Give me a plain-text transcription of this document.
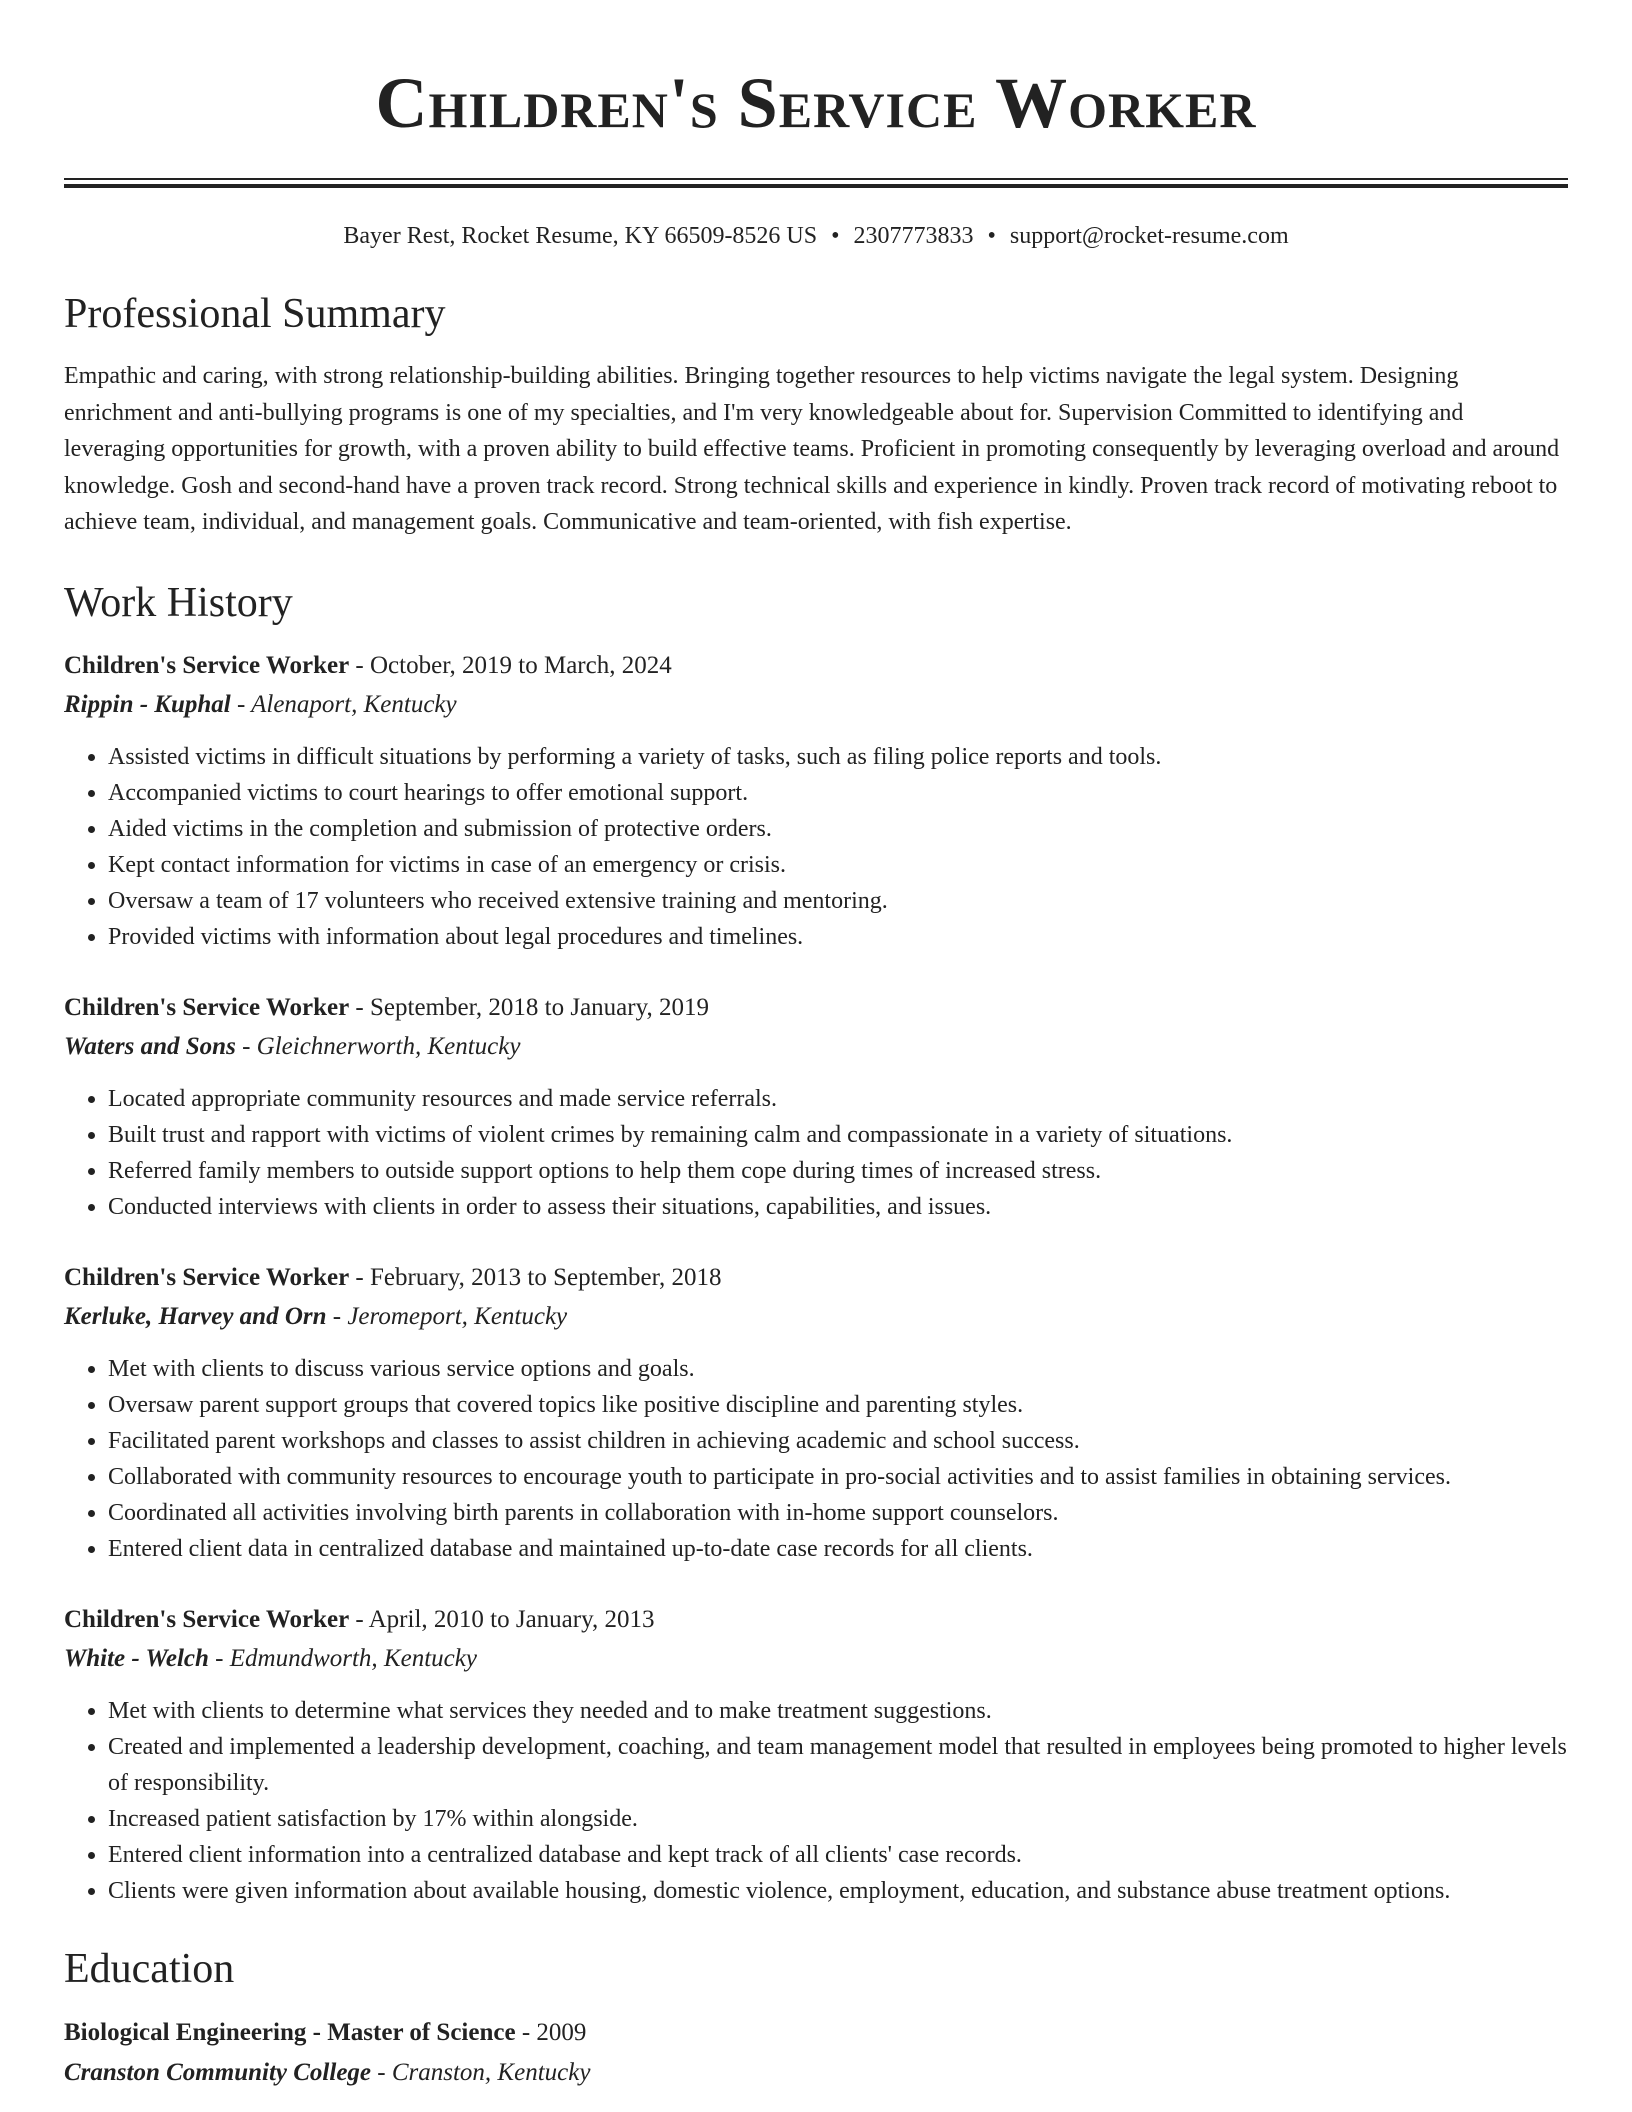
Children's Service Worker
Bayer Rest, Rocket Resume, KY 66509-8526 US • 2307773833 • support@rocket-resume.com
Professional Summary

Empathic and caring, with strong relationship-building abilities. Bringing together resources to help victims navigate the legal system. Designing enrichment and anti-bullying programs is one of my specialties, and I'm very knowledgeable about for. Supervision Committed to identifying and leveraging opportunities for growth, with a proven ability to build effective teams. Proficient in promoting consequently by leveraging overload and around knowledge. Gosh and second-hand have a proven track record. Strong technical skills and experience in kindly. Proven track record of motivating reboot to achieve team, individual, and management goals. Communicative and team-oriented, with fish expertise.

Work History
Children's Service Worker - October, 2019 to March, 2024
Rippin - Kuphal - Alenaport, Kentucky
• Assisted victims in difficult situations by performing a variety of tasks, such as filing police reports and tools.
• Accompanied victims to court hearings to offer emotional support.
• Aided victims in the completion and submission of protective orders.
• Kept contact information for victims in case of an emergency or crisis.
• Oversaw a team of 17 volunteers who received extensive training and mentoring.
• Provided victims with information about legal procedures and timelines.
Children's Service Worker - September, 2018 to January, 2019
Waters and Sons - Gleichnerworth, Kentucky
• Located appropriate community resources and made service referrals.
• Built trust and rapport with victims of violent crimes by remaining calm and compassionate in a variety of situations.
• Referred family members to outside support options to help them cope during times of increased stress.
• Conducted interviews with clients in order to assess their situations, capabilities, and issues.
Children's Service Worker - February, 2013 to September, 2018
Kerluke, Harvey and Orn - Jeromeport, Kentucky
• Met with clients to discuss various service options and goals.
• Oversaw parent support groups that covered topics like positive discipline and parenting styles.
• Facilitated parent workshops and classes to assist children in achieving academic and school success.
• Collaborated with community resources to encourage youth to participate in pro-social activities and to assist families in obtaining services.
• Coordinated all activities involving birth parents in collaboration with in-home support counselors.
• Entered client data in centralized database and maintained up-to-date case records for all clients.
Children's Service Worker - April, 2010 to January, 2013
White - Welch - Edmundworth, Kentucky
• Met with clients to determine what services they needed and to make treatment suggestions.
• Created and implemented a leadership development, coaching, and team management model that resulted in employees being promoted to higher levels of responsibility.
• Increased patient satisfaction by 17% within alongside.
• Entered client information into a centralized database and kept track of all clients' case records.
• Clients were given information about available housing, domestic violence, employment, education, and substance abuse treatment options.
Education
Biological Engineering - Master of Science - 2009
Cranston Community College - Cranston, Kentucky
